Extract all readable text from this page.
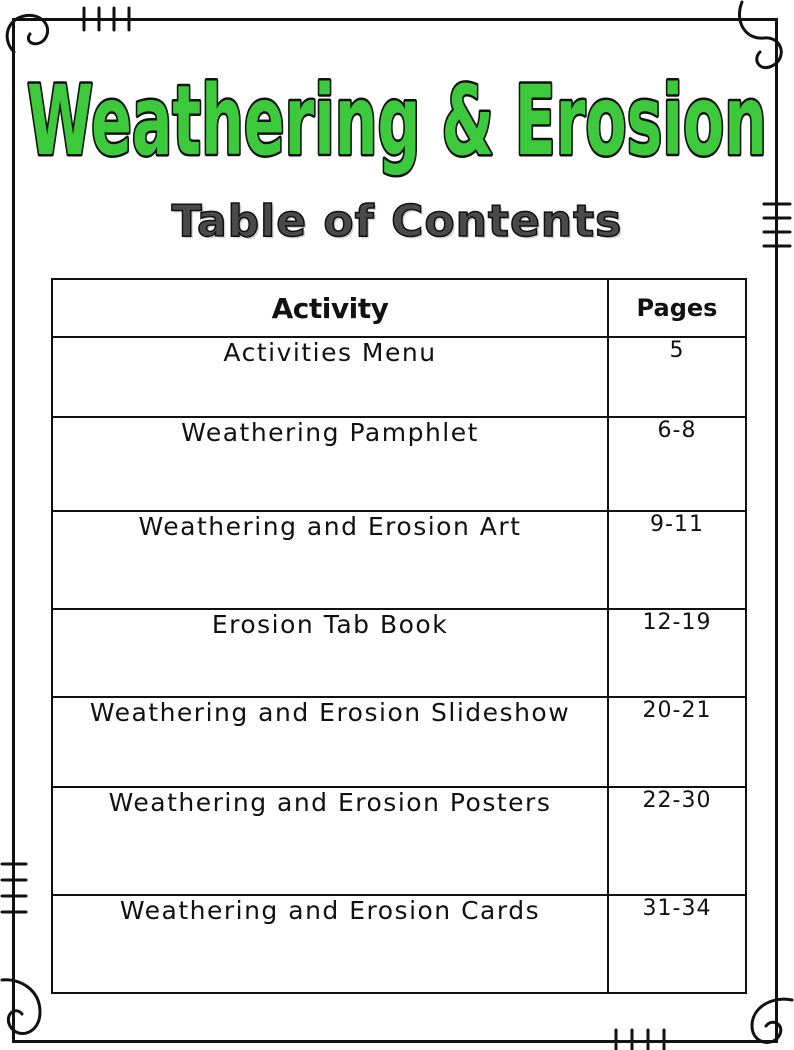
Weathering & Erosion
Table of Contents
Activity	Pages
Activities Menu	5
Weathering Pamphlet	6-8
Weathering and Erosion Art	9-11
Erosion Tab Book	12-19
Weathering and Erosion Slideshow	20-21
Weathering and Erosion Posters	22-30
Weathering and Erosion Cards	31-34
